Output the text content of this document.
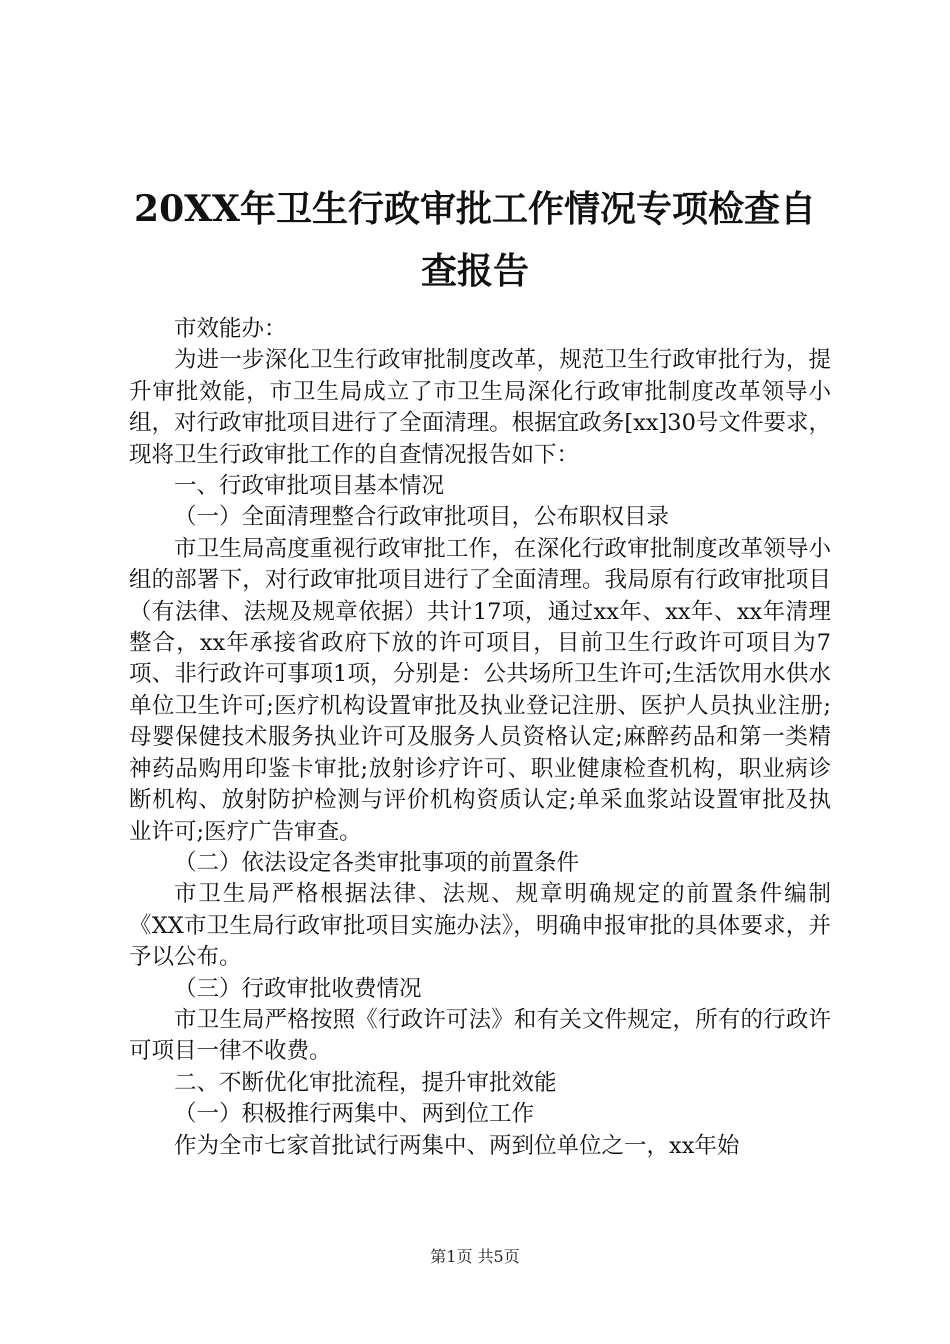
20XX年卫生行政审批工作情况专项检查自查报告

市效能办：

为进一步深化卫生行政审批制度改革，规范卫生行政审批行为，提升审批效能，市卫生局成立了市卫生局深化行政审批制度改革领导小组，对行政审批项目进行了全面清理。根据宜政务[xx]30号文件要求，现将卫生行政审批工作的自查情况报告如下：

一、行政审批项目基本情况

（一）全面清理整合行政审批项目，公布职权目录

市卫生局高度重视行政审批工作，在深化行政审批制度改革领导小组的部署下，对行政审批项目进行了全面清理。我局原有行政审批项目（有法律、法规及规章依据）共计17项，通过xx年、xx年、xx年清理整合，xx年承接省政府下放的许可项目，目前卫生行政许可项目为7项、非行政许可事项1项，分别是：公共场所卫生许可;生活饮用水供水单位卫生许可;医疗机构设置审批及执业登记注册、医护人员执业注册;母婴保健技术服务执业许可及服务人员资格认定;麻醉药品和第一类精神药品购用印鉴卡审批;放射诊疗许可、职业健康检查机构，职业病诊断机构、放射防护检测与评价机构资质认定;单采血浆站设置审批及执业许可;医疗广告审查。

（二）依法设定各类审批事项的前置条件

市卫生局严格根据法律、法规、规章明确规定的前置条件编制《XX市卫生局行政审批项目实施办法》，明确申报审批的具体要求，并予以公布。

（三）行政审批收费情况

市卫生局严格按照《行政许可法》和有关文件规定，所有的行政许可项目一律不收费。

二、不断优化审批流程，提升审批效能

（一）积极推行两集中、两到位工作

作为全市七家首批试行两集中、两到位单位之一，xx年始

第1页 共5页
